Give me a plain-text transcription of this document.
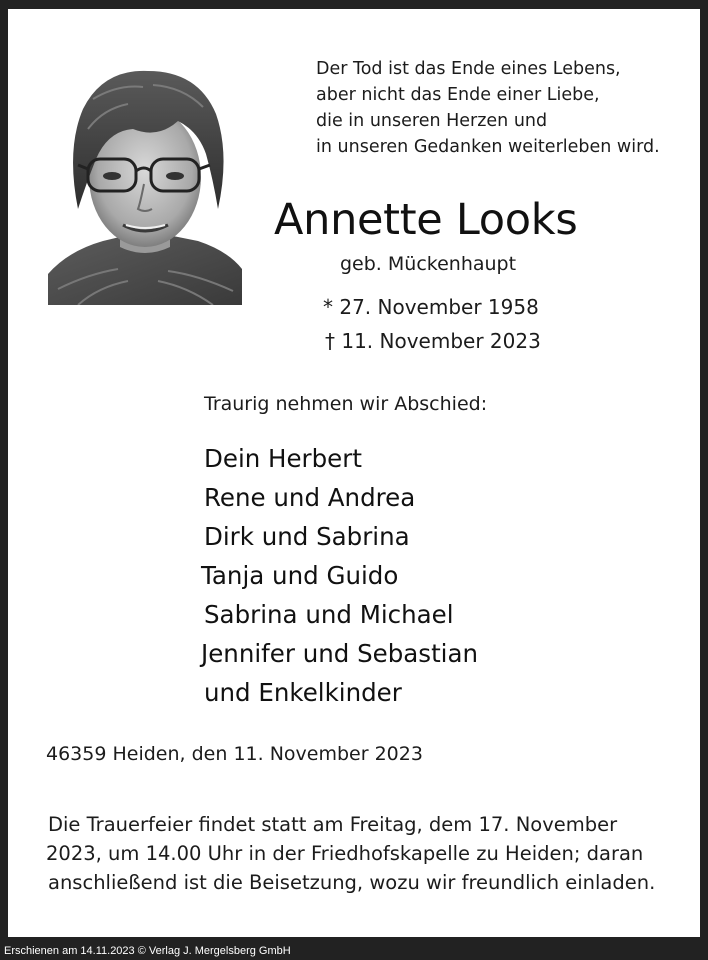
Der Tod ist das Ende eines Lebens,
aber nicht das Ende einer Liebe,
die in unseren Herzen und
in unseren Gedanken weiterleben wird.
Annette Looks
geb. Mückenhaupt
* 27. November 1958
† 11. November 2023
Traurig nehmen wir Abschied:
Dein Herbert
Rene und Andrea
Dirk und Sabrina
Tanja und Guido
Sabrina und Michael
Jennifer und Sebastian
und Enkelkinder
46359 Heiden, den 11. November 2023
Die Trauerfeier findet statt am Freitag, dem 17. November
2023, um 14.00 Uhr in der Friedhofskapelle zu Heiden; daran
anschließend ist die Beisetzung, wozu wir freundlich einladen.
Erschienen am 14.11.2023 © Verlag J. Mergelsberg GmbH
